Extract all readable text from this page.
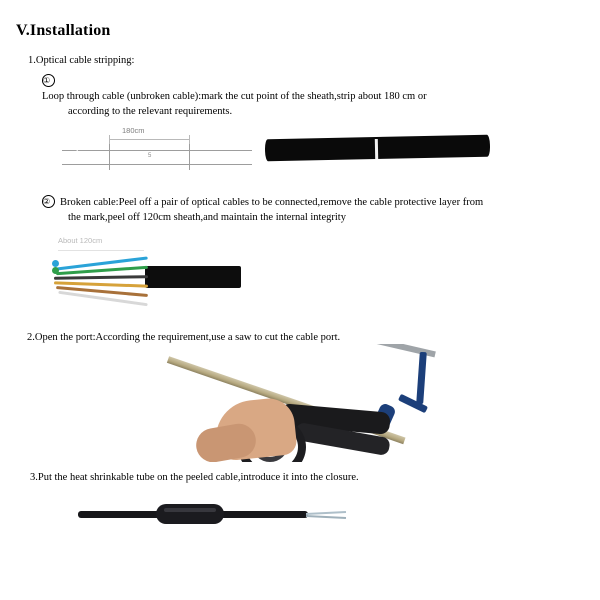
V.Installation
1.Optical cable stripping:
①Loop through cable (unbroken cable):mark the cut point of the sheath,strip about 180 cm or
according to the relevant requirements.
180cm
5
② Broken cable:Peel off a pair of optical cables to be connected,remove the cable protective layer from
the mark,peel off 120cm sheath,and maintain the internal integrity
About 120cm
2.Open the port:According the requirement,use a saw to cut the cable port.
3.Put the heat shrinkable tube on the peeled cable,introduce it into the closure.
